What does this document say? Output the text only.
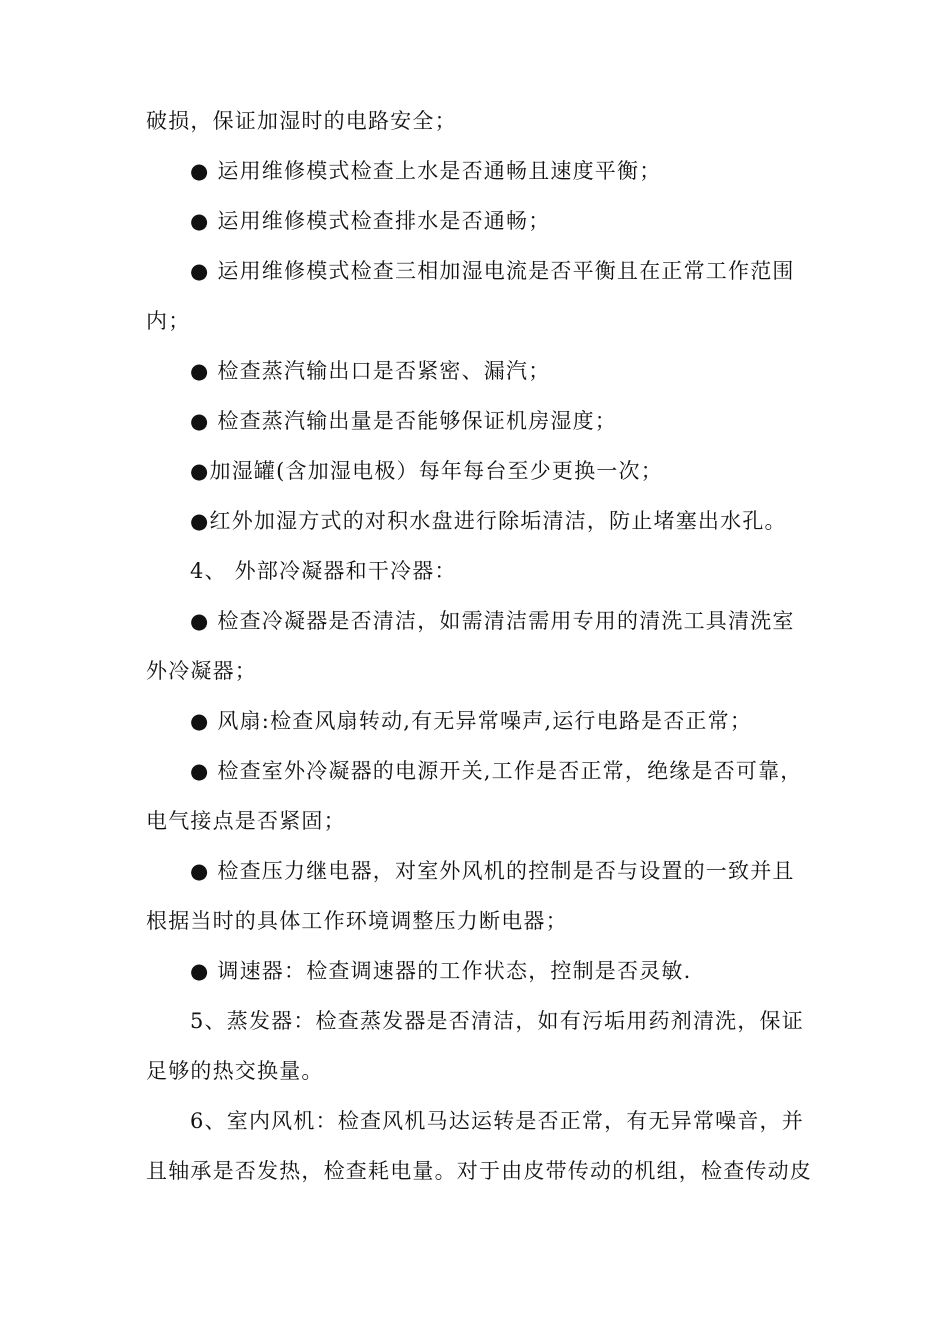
破损，保证加湿时的电路安全；
● 运用维修模式检查上水是否通畅且速度平衡；
● 运用维修模式检查排水是否通畅；
● 运用维修模式检查三相加湿电流是否平衡且在正常工作范围
内；
● 检查蒸汽输出口是否紧密、漏汽；
● 检查蒸汽输出量是否能够保证机房湿度；
●加湿罐(含加湿电极）每年每台至少更换一次；
●红外加湿方式的对积水盘进行除垢清洁，防止堵塞出水孔。
4、 外部冷凝器和干冷器：
● 检查冷凝器是否清洁，如需清洁需用专用的清洗工具清洗室
外冷凝器；
● 风扇:检查风扇转动,有无异常噪声,运行电路是否正常；
● 检查室外冷凝器的电源开关,工作是否正常，绝缘是否可靠，
电气接点是否紧固；
● 检查压力继电器，对室外风机的控制是否与设置的一致并且
根据当时的具体工作环境调整压力断电器；
● 调速器：检查调速器的工作状态，控制是否灵敏.
5、蒸发器：检查蒸发器是否清洁，如有污垢用药剂清洗，保证
足够的热交换量。
6、室内风机：检查风机马达运转是否正常，有无异常噪音，并
且轴承是否发热，检查耗电量。对于由皮带传动的机组，检查传动皮
